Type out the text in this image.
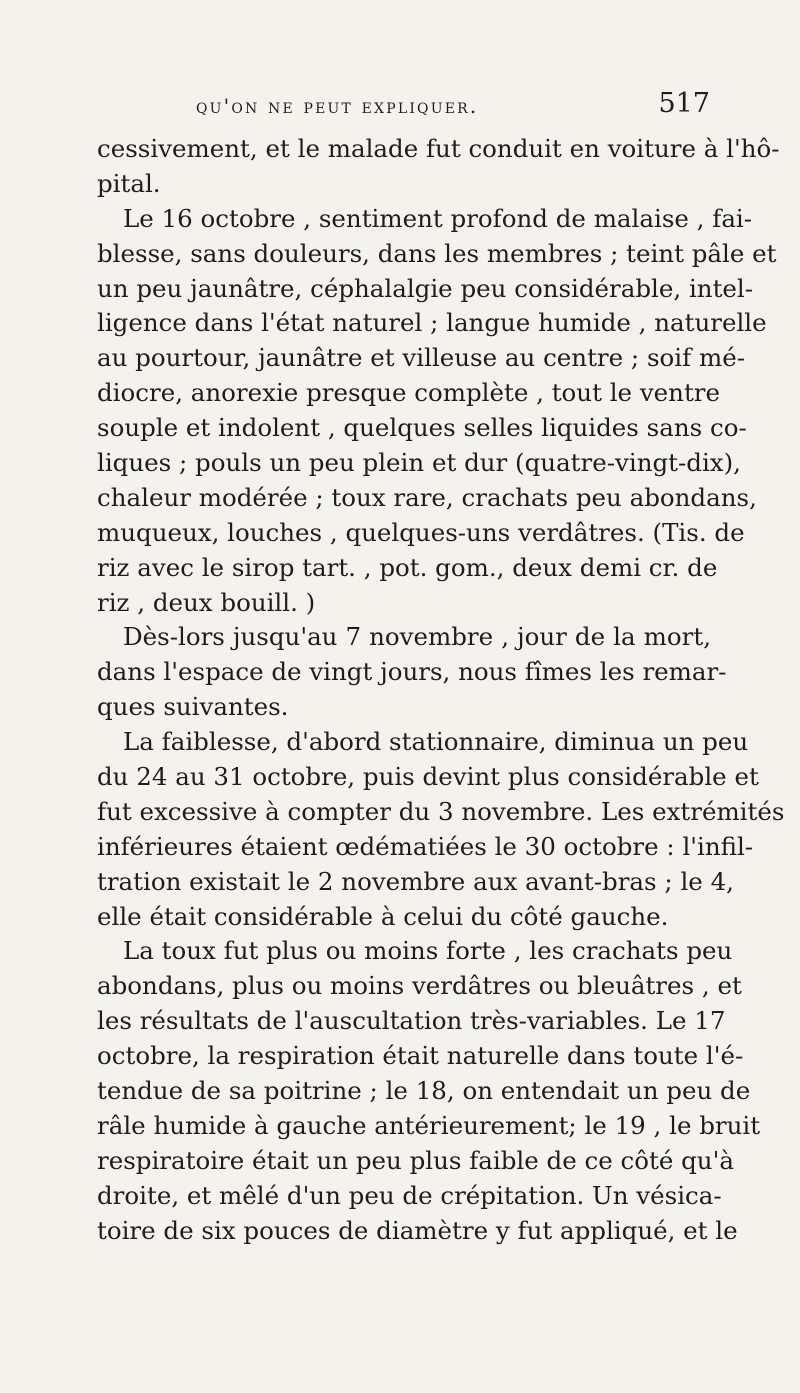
qu'on ne peut expliquer.	517
cessivement, et le malade fut conduit en voiture à l'hô-
pital.
Le 16 octobre , sentiment profond de malaise , fai-
blesse, sans douleurs, dans les membres ; teint pâle et
un peu jaunâtre, céphalalgie peu considérable, intel-
ligence dans l'état naturel ; langue humide , naturelle
au pourtour, jaunâtre et villeuse au centre ; soif mé-
diocre, anorexie presque complète , tout le ventre
souple et indolent , quelques selles liquides sans co-
liques ; pouls un peu plein et dur (quatre-vingt-dix),
chaleur modérée ; toux rare, crachats peu abondans,
muqueux, louches , quelques-uns verdâtres. (Tis. de
riz avec le sirop tart. , pot. gom., deux demi cr. de
riz , deux bouill. )
Dès-lors jusqu'au 7 novembre , jour de la mort,
dans l'espace de vingt jours, nous fîmes les remar-
ques suivantes.
La faiblesse, d'abord stationnaire, diminua un peu
du 24 au 31 octobre, puis devint plus considérable et
fut excessive à compter du 3 novembre. Les extrémités
inférieures étaient œdématiées le 30 octobre : l'infil-
tration existait le 2 novembre aux avant-bras ; le 4,
elle était considérable à celui du côté gauche.
La toux fut plus ou moins forte , les crachats peu
abondans, plus ou moins verdâtres ou bleuâtres , et
les résultats de l'auscultation très-variables. Le 17
octobre, la respiration était naturelle dans toute l'é-
tendue de sa poitrine ; le 18, on entendait un peu de
râle humide à gauche antérieurement; le 19 , le bruit
respiratoire était un peu plus faible de ce côté qu'à
droite, et mêlé d'un peu de crépitation. Un vésica-
toire de six pouces de diamètre y fut appliqué, et le
